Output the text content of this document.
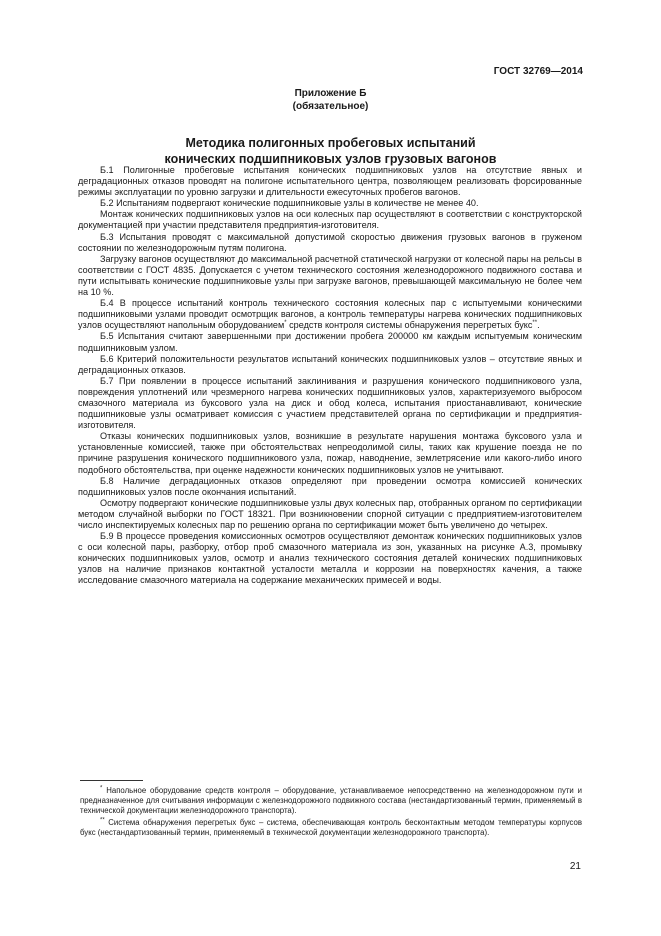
ГОСТ 32769—2014
Приложение Б
(обязательное)
Методика полигонных пробеговых испытаний
конических подшипниковых узлов грузовых вагонов

Б.1 Полигонные пробеговые испытания конических подшипниковых узлов на отсутствие явных и деградационных отказов проводят на полигоне испытательного центра, позволяющем реализовать форсированные режимы эксплуатации по уровню загрузки и длительности ежесуточных пробегов вагонов.

Б.2 Испытаниям подвергают конические подшипниковые узлы в количестве не менее 40.

Монтаж конических подшипниковых узлов на оси колесных пар осуществляют в соответствии с конструкторской документацией при участии представителя предприятия-изготовителя.

Б.3 Испытания проводят с максимальной допустимой скоростью движения грузовых вагонов в груженом состоянии по железнодорожным путям полигона.

Загрузку вагонов осуществляют до максимальной расчетной статической нагрузки от колесной пары на рельсы в соответствии с ГОСТ 4835. Допускается с учетом технического состояния железнодорожного подвижного состава и пути испытывать конические подшипниковые узлы при загрузке вагонов, превышающей максимальную не более чем на 10 %.

Б.4 В процессе испытаний контроль технического состояния колесных пар с испытуемыми коническими подшипниковыми узлами проводит осмотрщик вагонов, а контроль температуры нагрева конических подшипниковых узлов осуществляют напольным оборудованием* средств контроля системы обнаружения перегретых букс**.

Б.5 Испытания считают завершенными при достижении пробега 200000 км каждым испытуемым коническим подшипниковым узлом.

Б.6 Критерий положительности результатов испытаний конических подшипниковых узлов – отсутствие явных и деградационных отказов.

Б.7 При появлении в процессе испытаний заклинивания и разрушения конического подшипникового узла, повреждения уплотнений или чрезмерного нагрева конических подшипниковых узлов, характеризуемого выбросом смазочного материала из буксового узла на диск и обод колеса, испытания приостанавливают, конические подшипниковые узлы осматривает комиссия с участием представителей органа по сертификации и предприятия-изготовителя.

Отказы конических подшипниковых узлов, возникшие в результате нарушения монтажа буксового узла и установленные комиссией, также при обстоятельствах непреодолимой силы, таких как крушение поезда не по причине разрушения конического подшипникового узла, пожар, наводнение, землетрясение или какого-либо иного подобного обстоятельства, при оценке надежности конических подшипниковых узлов не учитывают.

Б.8 Наличие деградационных отказов определяют при проведении осмотра комиссией конических подшипниковых узлов после окончания испытаний.

Осмотру подвергают конические подшипниковые узлы двух колесных пар, отобранных органом по сертификации методом случайной выборки по ГОСТ 18321. При возникновении спорной ситуации с предприятием-изготовителем число инспектируемых колесных пар по решению органа по сертификации может быть увеличено до четырех.

Б.9 В процессе проведения комиссионных осмотров осуществляют демонтаж конических подшипниковых узлов с оси колесной пары, разборку, отбор проб смазочного материала из зон, указанных на рисунке А.3, промывку конических подшипниковых узлов, осмотр и анализ технического состояния деталей конических подшипниковых узлов на наличие признаков контактной усталости металла и коррозии на поверхностях качения, а также исследование смазочного материала на содержание механических примесей и воды.

* Напольное оборудование средств контроля – оборудование, устанавливаемое непосредственно на железнодорожном пути и предназначенное для считывания информации с железнодорожного подвижного состава (нестандартизованный термин, применяемый в технической документации железнодорожного транспорта).

** Система обнаружения перегретых букс – система, обеспечивающая контроль бесконтактным методом температуры корпусов букс (нестандартизованный термин, применяемый в технической документации железнодорожного транспорта).

21
